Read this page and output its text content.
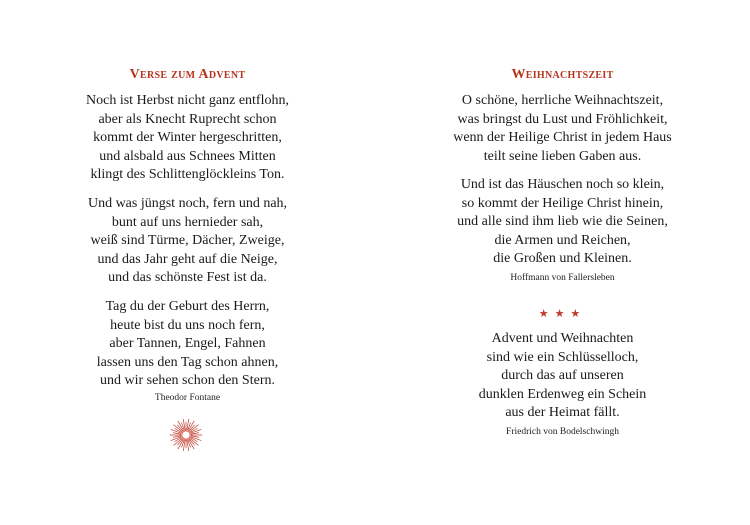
Verse zum Advent

Noch ist Herbst nicht ganz entflohn,
aber als Knecht Ruprecht schon
kommt der Winter hergeschritten,
und alsbald aus Schnees Mitten
klingt des Schlittenglöckleins Ton.

Und was jüngst noch, fern und nah,
bunt auf uns hernieder sah,
weiß sind Türme, Dächer, Zweige,
und das Jahr geht auf die Neige,
und das schönste Fest ist da.

Tag du der Geburt des Herrn,
heute bist du uns noch fern,
aber Tannen, Engel, Fahnen
lassen uns den Tag schon ahnen,
und wir sehen schon den Stern.

Theodor Fontane

Weihnachtszeit

O schöne, herrliche Weihnachtszeit,
was bringst du Lust und Fröhlichkeit,
wenn der Heilige Christ in jedem Haus
teilt seine lieben Gaben aus.

Und ist das Häuschen noch so klein,
so kommt der Heilige Christ hinein,
und alle sind ihm lieb wie die Seinen,
die Armen und Reichen,
die Großen und Kleinen.

Hoffmann von Fallersleben

★★★

Advent und Weihnachten
sind wie ein Schlüsselloch,
durch das auf unseren
dunklen Erdenweg ein Schein
aus der Heimat fällt.

Friedrich von Bodelschwingh
